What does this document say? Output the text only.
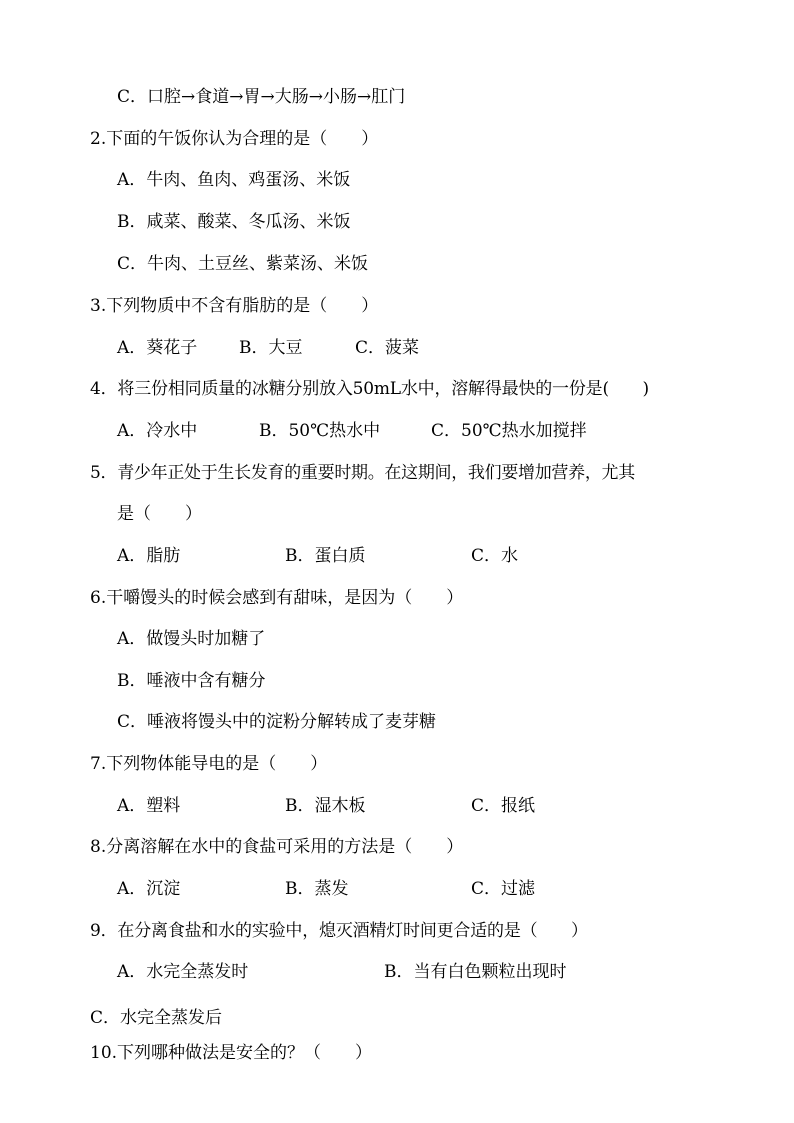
C．口腔→食道→胃→大肠→小肠→肛门
2.下面的午饭你认为合理的是（　　）
A．牛肉、鱼肉、鸡蛋汤、米饭
B．咸菜、酸菜、冬瓜汤、米饭
C．牛肉、土豆丝、紫菜汤、米饭
3.下列物质中不含有脂肪的是（　　）
A．葵花子	B．大豆	C．菠菜
4．将三份相同质量的冰糖分别放入50mL水中，溶解得最快的一份是(　　)
A．冷水中	B．50℃热水中	C．50℃热水加搅拌
5．青少年正处于生长发育的重要时期。在这期间，我们要增加营养，尤其
是（　　）
A．脂肪	B．蛋白质	C．水
6.干嚼馒头的时候会感到有甜味，是因为（　　）
A．做馒头时加糖了
B．唾液中含有糖分
C．唾液将馒头中的淀粉分解转成了麦芽糖
7.下列物体能导电的是（　　）
A．塑料	B．湿木板	C．报纸
8.分离溶解在水中的食盐可采用的方法是（　　）
A．沉淀	B．蒸发	C．过滤
9．在分离食盐和水的实验中，熄灭酒精灯时间更合适的是（　　）
A．水完全蒸发时	B．当有白色颗粒出现时
C．水完全蒸发后
10.下列哪种做法是安全的？（　　）
